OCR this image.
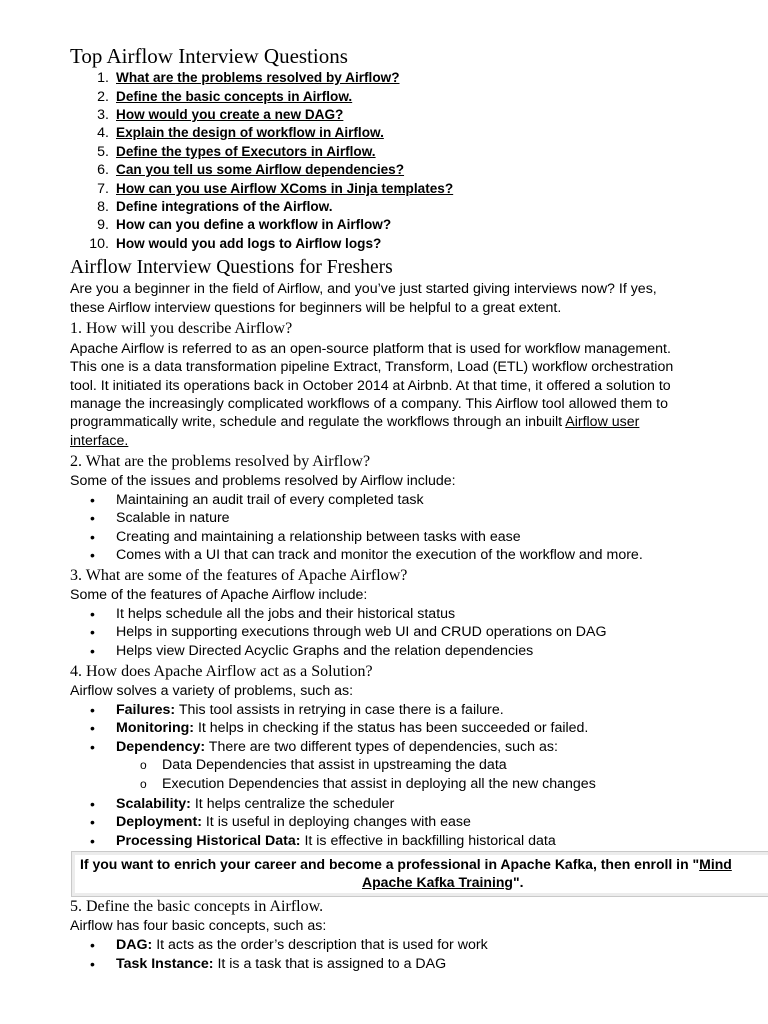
Top Airflow Interview Questions
1. What are the problems resolved by Airflow?
2. Define the basic concepts in Airflow.
3. How would you create a new DAG?
4. Explain the design of workflow in Airflow.
5. Define the types of Executors in Airflow.
6. Can you tell us some Airflow dependencies?
7. How can you use Airflow XComs in Jinja templates?
8. Define integrations of the Airflow.
9. How can you define a workflow in Airflow?
10. How would you add logs to Airflow logs?
Airflow Interview Questions for Freshers
Are you a beginner in the field of Airflow, and you’ve just started giving interviews now? If yes,
these Airflow interview questions for beginners will be helpful to a great extent.
1. How will you describe Airflow?
Apache Airflow is referred to as an open-source platform that is used for workflow management.
This one is a data transformation pipeline Extract, Transform, Load (ETL) workflow orchestration
tool. It initiated its operations back in October 2014 at Airbnb. At that time, it offered a solution to
manage the increasingly complicated workflows of a company. This Airflow tool allowed them to
programmatically write, schedule and regulate the workflows through an inbuilt Airflow user
interface.
2. What are the problems resolved by Airflow?
Some of the issues and problems resolved by Airflow include:
• Maintaining an audit trail of every completed task
• Scalable in nature
• Creating and maintaining a relationship between tasks with ease
• Comes with a UI that can track and monitor the execution of the workflow and more.
3. What are some of the features of Apache Airflow?
Some of the features of Apache Airflow include:
• It helps schedule all the jobs and their historical status
• Helps in supporting executions through web UI and CRUD operations on DAG
• Helps view Directed Acyclic Graphs and the relation dependencies
4. How does Apache Airflow act as a Solution?
Airflow solves a variety of problems, such as:
• Failures: This tool assists in retrying in case there is a failure.
• Monitoring: It helps in checking if the status has been succeeded or failed.
• Dependency: There are two different types of dependencies, such as:
o Data Dependencies that assist in upstreaming the data
o Execution Dependencies that assist in deploying all the new changes
• Scalability: It helps centralize the scheduler
• Deployment: It is useful in deploying changes with ease
• Processing Historical Data: It is effective in backfilling historical data
If you want to enrich your career and become a professional in Apache Kafka, then enroll in "Mind
Apache Kafka Training".
5. Define the basic concepts in Airflow.
Airflow has four basic concepts, such as:
• DAG: It acts as the order’s description that is used for work
• Task Instance: It is a task that is assigned to a DAG
